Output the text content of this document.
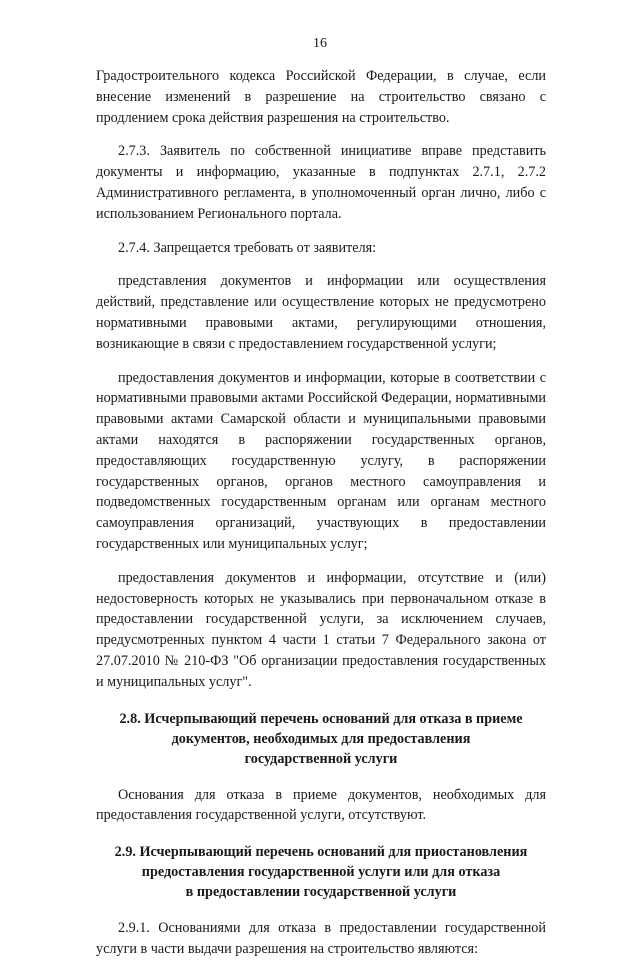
16

Градостроительного кодекса Российской Федерации, в случае, если внесение изменений в разрешение на строительство связано с продлением срока действия разрешения на строительство.

2.7.3. Заявитель по собственной инициативе вправе представить документы и информацию, указанные в подпунктах 2.7.1, 2.7.2 Административного регламента, в уполномоченный орган лично, либо с использованием Регионального портала.

2.7.4. Запрещается требовать от заявителя:

представления документов и информации или осуществления действий, представление или осуществление которых не предусмотрено нормативными правовыми актами, регулирующими отношения, возникающие в связи с предоставлением государственной услуги;

предоставления документов и информации, которые в соответствии с нормативными правовыми актами Российской Федерации, нормативными правовыми актами Самарской области и муниципальными правовыми актами находятся в распоряжении государственных органов, предоставляющих государственную услугу, в распоряжении государственных органов, органов местного самоуправления и подведомственных государственным органам или органам местного самоуправления организаций, участвующих в предоставлении государственных или муниципальных услуг;

предоставления документов и информации, отсутствие и (или) недостоверность которых не указывались при первоначальном отказе в предоставлении государственной услуги, за исключением случаев, предусмотренных пунктом 4 части 1 статьи 7 Федерального закона от 27.07.2010 № 210-ФЗ "Об организации предоставления государственных и муниципальных услуг".

2.8. Исчерпывающий перечень оснований для отказа в приеме
документов, необходимых для предоставления
государственной услуги

Основания для отказа в приеме документов, необходимых для предоставления государственной услуги, отсутствуют.

2.9. Исчерпывающий перечень оснований для приостановления
предоставления государственной услуги или для отказа
в предоставлении государственной услуги

2.9.1. Основаниями для отказа в предоставлении государственной услуги в части выдачи разрешения на строительство являются:
